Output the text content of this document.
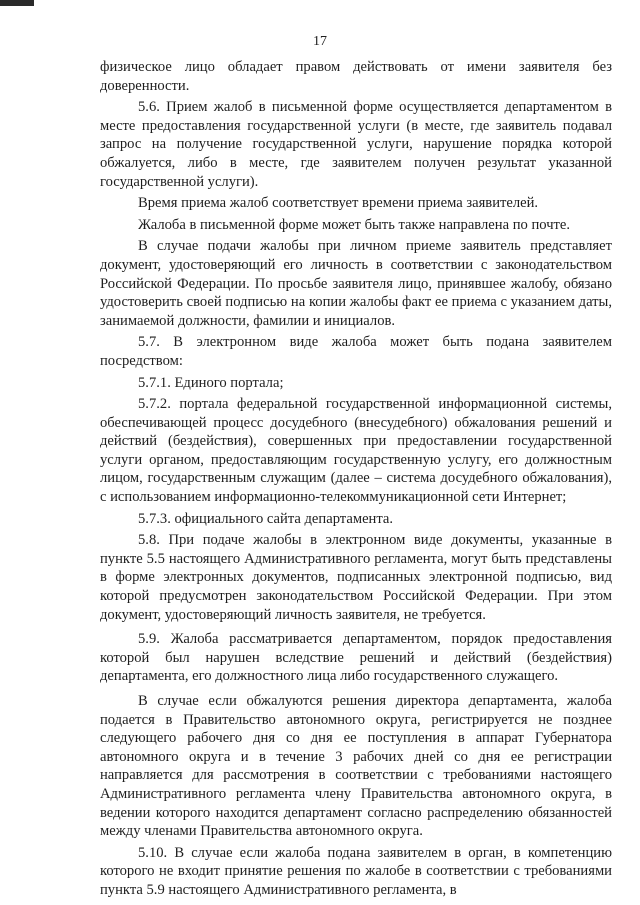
17

физическое лицо обладает правом действовать от имени заявителя без доверенности.

5.6. Прием жалоб в письменной форме осуществляется департаментом в месте предоставления государственной услуги (в месте, где заявитель подавал запрос на получение государственной услуги, нарушение порядка которой обжалуется, либо в месте, где заявителем получен результат указанной государственной услуги).

Время приема жалоб соответствует времени приема заявителей.

Жалоба в письменной форме может быть также направлена по почте.

В случае подачи жалобы при личном приеме заявитель представляет документ, удостоверяющий его личность в соответствии с законодательством Российской Федерации. По просьбе заявителя лицо, принявшее жалобу, обязано удостоверить своей подписью на копии жалобы факт ее приема с указанием даты, занимаемой должности, фамилии и инициалов.

5.7. В электронном виде жалоба может быть подана заявителем посредством:

5.7.1. Единого портала;

5.7.2. портала федеральной государственной информационной системы, обеспечивающей процесс досудебного (внесудебного) обжалования решений и действий (бездействия), совершенных при предоставлении государственной услуги органом, предоставляющим государственную услугу, его должностным лицом, государственным служащим (далее – система досудебного обжалования), с использованием информационно-телекоммуникационной сети Интернет;

5.7.3. официального сайта департамента.

5.8. При подаче жалобы в электронном виде документы, указанные в пункте 5.5 настоящего Административного регламента, могут быть представлены в форме электронных документов, подписанных электронной подписью, вид которой предусмотрен законодательством Российской Федерации. При этом документ, удостоверяющий личность заявителя, не требуется.

5.9. Жалоба рассматривается департаментом, порядок предоставления которой был нарушен вследствие решений и действий (бездействия) департамента, его должностного лица либо государственного служащего.

В случае если обжалуются решения директора департамента, жалоба подается в Правительство автономного округа, регистрируется не позднее следующего рабочего дня со дня ее поступления в аппарат Губернатора автономного округа и в течение 3 рабочих дней со дня ее регистрации направляется для рассмотрения в соответствии с требованиями настоящего Административного регламента члену Правительства автономного округа, в ведении которого находится департамент согласно распределению обязанностей между членами Правительства автономного округа.

5.10. В случае если жалоба подана заявителем в орган, в компетенцию которого не входит принятие решения по жалобе в соответствии с требованиями пункта 5.9 настоящего Административного регламента, в
